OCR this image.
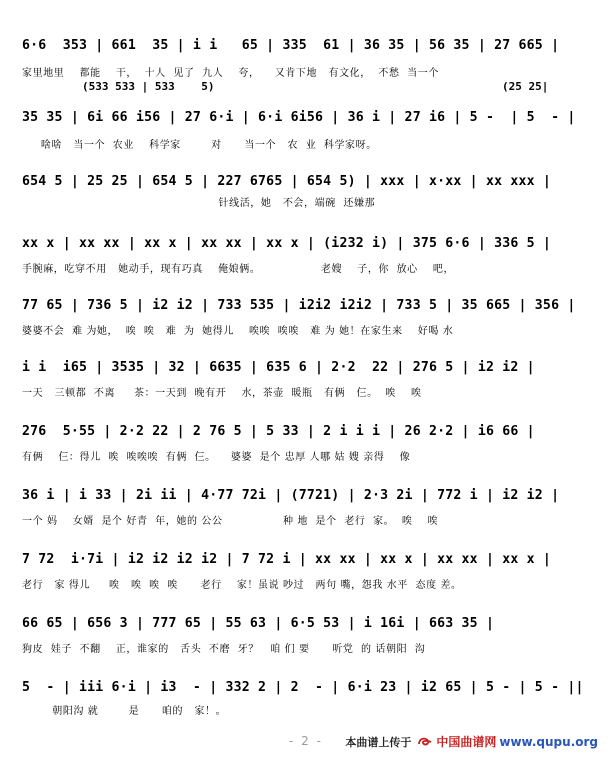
6·6  353 | 661  35 | i i   65 | 335  61 | 36 35 | 56 35 | 27 665 |
家里地里    都能    干，  十人  见了  九人    夸，    又肯下地   有文化，  不愁  当一个
(533 533 | 533    5)	(25 25|
35 35 | 6i 66 i56 | 27 6·i | 6·i 6i56 | 36 i | 27 i6 | 5 -  | 5  - |
啥啥   当一个  农业    科学家        对      当一个   农  业  科学家呀。
654 5 | 25 25 | 654 5 | 227 6765 | 654 5) | xxx | x·xx | xx xxx |
针线活，她   不会，端碗  还嫌那
xx x | xx xx | xx x | xx xx | xx x | (i232 i) | 375 6·6 | 336 5 |
手腕麻，吃穿不用   她动手，现有巧真    俺娘俩。                老嫂    子，你  放心    吧，
77 65 | 736 5 | i2 i2 | 733 535 | i2i2 i2i2 | 733 5 | 35 665 | 356 |
婆婆不会  难 为她，  唉  唉   难  为  她得儿    唉唉  唉唉   难 为 她！在家生来    好喝 水
i i  i65 | 3535 | 32 | 6635 | 635 6 | 2·2  22 | 276 5 | i2 i2 |
一天   三顿都  不离     茶：一天到  晚有开    水，茶壶  暖瓶   有俩   仨。  唉    唉
276  5·55 | 2·2 22 | 2 76 5 | 5 33 | 2 i i i | 26 2·2 | i6 66 |
有俩    仨：得儿  唉  唉唉唉  有俩  仨。    婆婆  是个 忠厚 人哪 姑 嫂 亲得    像
36 i | i 33 | 2i ii | 4·77 72i | (7721) | 2·3 2i | 772 i | i2 i2 |
一个 妈    女婿  是个 好青  年，她的 公公                种 地  是个  老行  家。  唉    唉
7 72  i·7i | i2 i2 i2 i2 | 7 72 i | xx xx | xx x | xx xx | xx x |
老行   家 得儿     唉   唉  唉  唉      老行    家！虽说 吵过   两句 嘴，怨我 水平  态度 差。
66 65 | 656 3 | 777 65 | 55 63 | 6·5 53 | i 16i | 663 35 |
狗皮  娃子  不翻    正，谁家的   舌头  不磨  牙？   咱 们 要      听党  的 话朝阳  沟
5  - | iii 6·i | i3  - | 332 2 | 2  - | 6·i 23 | i2 65 | 5 - | 5 - ||
朝阳沟 就        是      咱的   家！。
- 2 -	本曲谱上传于 中国曲谱网 www.qupu.org
